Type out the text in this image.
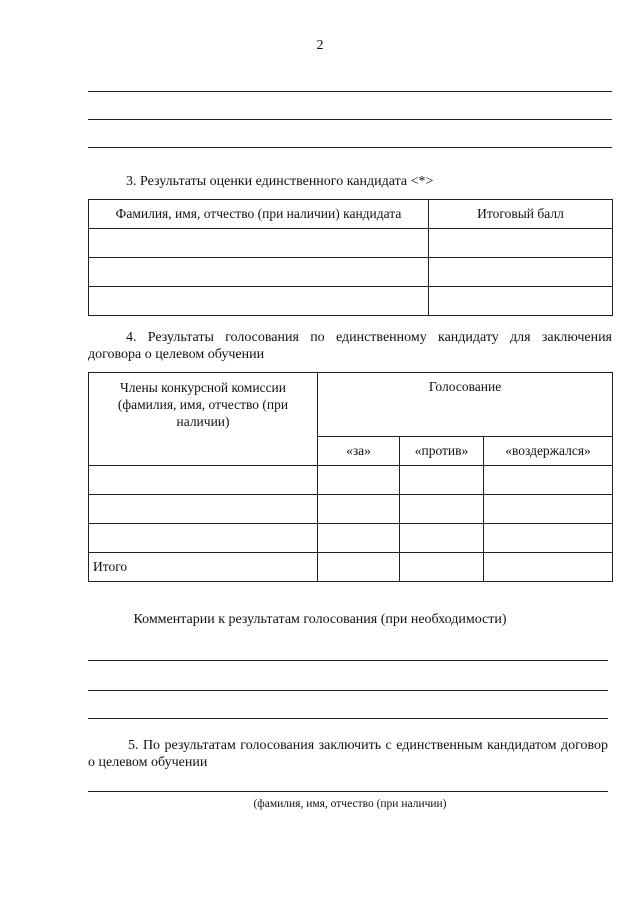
2
3. Результаты оценки единственного кандидата <*>
Фамилия, имя, отчество (при наличии) кандидата	Итоговый балл

4. Результаты голосования по единственному кандидату для заключения договора о целевом обучении
Члены конкурсной комиссии (фамилия, имя, отчество (при наличии)	Голосование		
	«за»	«против»	«воздержался»

Итого			
Комментарии к результатам голосования (при необходимости)
5. По результатам голосования заключить с единственным кандидатом договор о целевом обучении
(фамилия, имя, отчество (при наличии)
